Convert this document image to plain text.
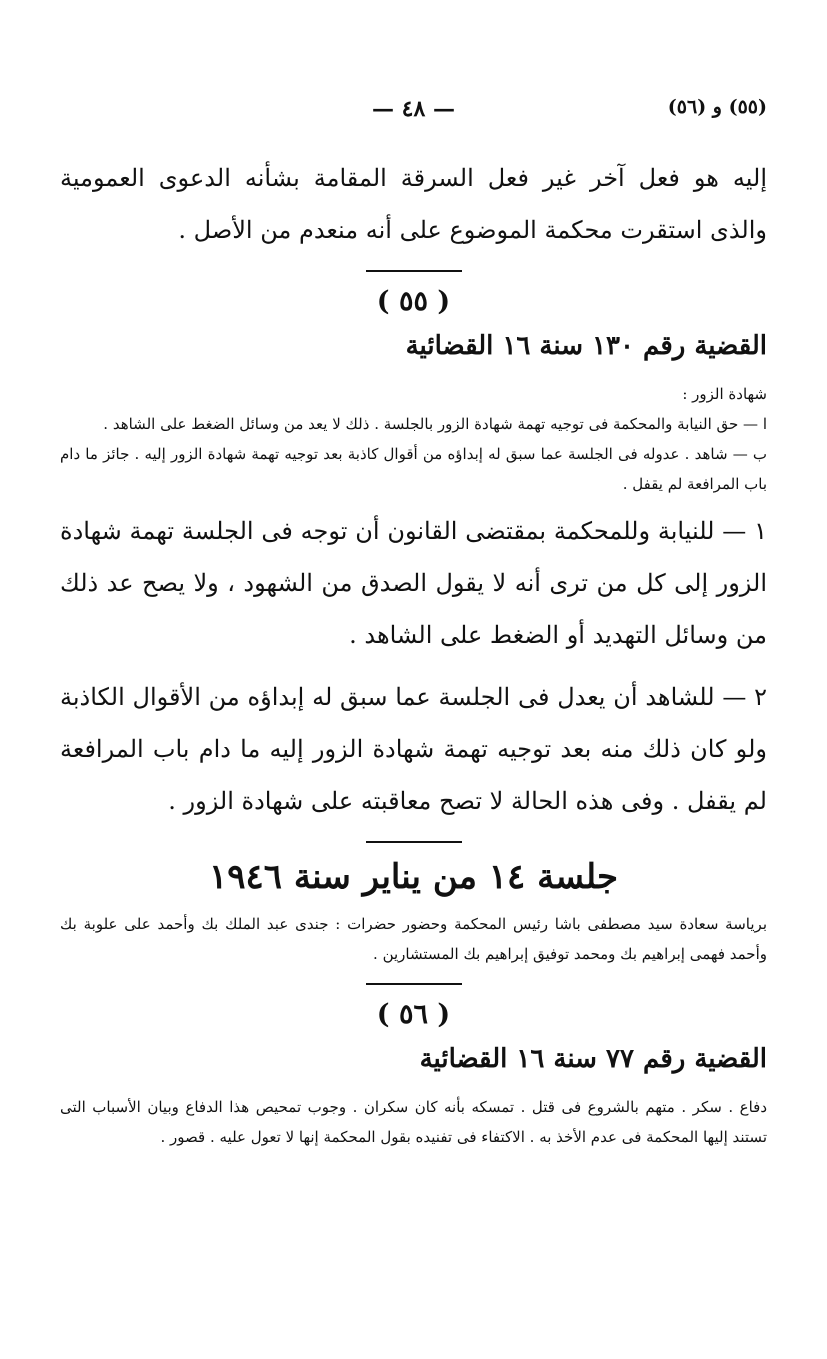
(٥٥) و (٥٦)
— ٤٨ —

إليه هو فعل آخر غير فعل السرقة المقامة بشأنه الدعوى العمومية والذى استقرت محكمة الموضوع على أنه منعدم من الأصل .

( ٥٥ )
القضية رقم ١٣٠ سنة ١٦ القضائية

شهادة الزور :

ا — حق النيابة والمحكمة فى توجيه تهمة شهادة الزور بالجلسة . ذلك لا يعد من وسائل الضغط على الشاهد .

ب — شاهد . عدوله فى الجلسة عما سبق له إبداؤه من أقوال كاذبة بعد توجيه تهمة شهادة الزور إليه . جائز ما دام باب المرافعة لم يقفل .

١ — للنيابة وللمحكمة بمقتضى القانون أن توجه فى الجلسة تهمة شهادة الزور إلى كل من ترى أنه لا يقول الصدق من الشهود ، ولا يصح عد ذلك من وسائل التهديد أو الضغط على الشاهد .

٢ — للشاهد أن يعدل فى الجلسة عما سبق له إبداؤه من الأقوال الكاذبة ولو كان ذلك منه بعد توجيه تهمة شهادة الزور إليه ما دام باب المرافعة لم يقفل . وفى هذه الحالة لا تصح معاقبته على شهادة الزور .

جلسة ١٤ من يناير سنة ١٩٤٦

برياسة سعادة سيد مصطفى باشا رئيس المحكمة وحضور حضرات : جندى عبد الملك بك وأحمد على علوبة بك وأحمد فهمى إبراهيم بك ومحمد توفيق إبراهيم بك المستشارين .

( ٥٦ )
القضية رقم ٧٧ سنة ١٦ القضائية

دفاع . سكر . متهم بالشروع فى قتل . تمسكه بأنه كان سكران . وجوب تمحيص هذا الدفاع وبيان الأسباب التى تستند إليها المحكمة فى عدم الأخذ به . الاكتفاء فى تفنيده بقول المحكمة إنها لا تعول عليه . قصور .
